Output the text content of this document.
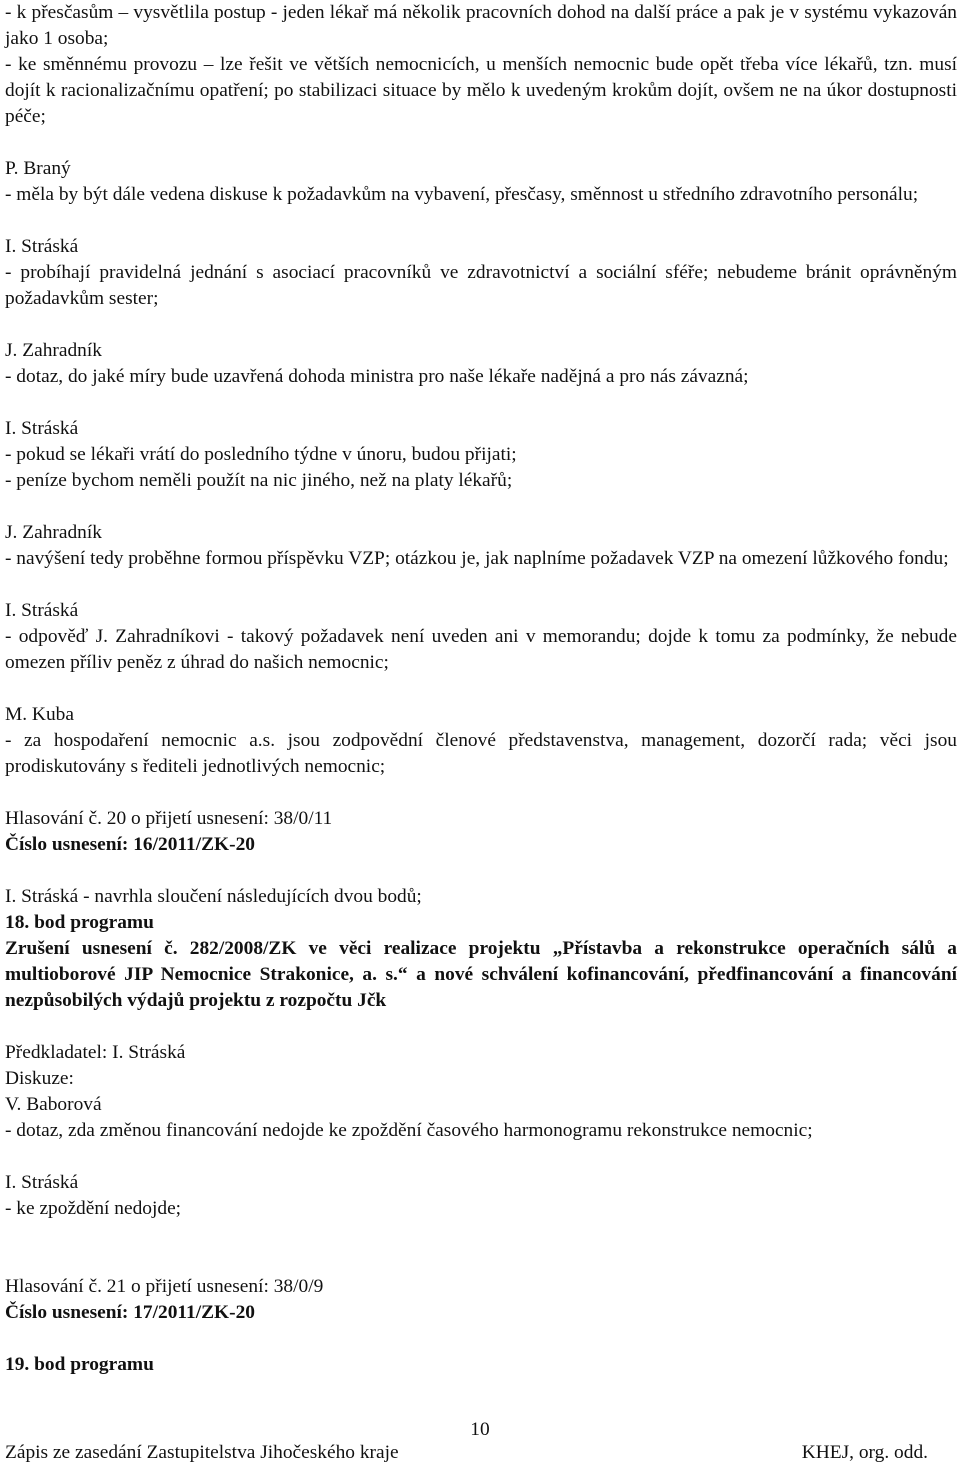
- k přesčasům – vysvětlila postup - jeden lékař má několik pracovních dohod na další práce a pak je v systému vykazován jako 1 osoba;

- ke směnnému provozu – lze řešit ve větších nemocnicích, u menších nemocnic bude opět třeba více lékařů, tzn. musí dojít k racionalizačnímu opatření; po stabilizaci situace by mělo k uvedeným krokům dojít, ovšem ne na úkor dostupnosti péče;

P. Braný

- měla by být dále vedena diskuse k požadavkům na vybavení, přesčasy, směnnost u středního zdravotního personálu;

I. Stráská

- probíhají pravidelná jednání s asociací pracovníků ve zdravotnictví a sociální sféře; nebudeme bránit oprávněným požadavkům sester;

J. Zahradník

- dotaz, do jaké míry bude uzavřená dohoda ministra pro naše lékaře nadějná a pro nás závazná;

I. Stráská

- pokud se lékaři vrátí do posledního týdne v únoru, budou přijati;

- peníze bychom neměli použít na nic jiného, než na platy lékařů;

J. Zahradník

- navýšení tedy proběhne formou příspěvku VZP; otázkou je, jak naplníme požadavek VZP na omezení lůžkového fondu;

I. Stráská

- odpověď J. Zahradníkovi - takový požadavek není uveden ani v memorandu; dojde k tomu za podmínky, že nebude omezen příliv peněz z úhrad do našich nemocnic;

M. Kuba

- za hospodaření nemocnic a.s. jsou zodpovědní členové představenstva, management, dozorčí rada; věci jsou prodiskutovány s řediteli jednotlivých nemocnic;

Hlasování č. 20 o přijetí usnesení: 38/0/11

Číslo usnesení: 16/2011/ZK-20

I. Stráská - navrhla sloučení následujících dvou bodů;

18. bod programu

Zrušení usnesení č. 282/2008/ZK ve věci realizace projektu „Přístavba a rekonstrukce operačních sálů a multioborové JIP Nemocnice Strakonice, a. s.“ a nové schválení kofinancování, předfinancování a financování nezpůsobilých výdajů projektu z rozpočtu Jčk

Předkladatel: I. Stráská

Diskuze:

V. Baborová

- dotaz, zda změnou financování nedojde ke zpoždění časového harmonogramu rekonstrukce nemocnic;

I. Stráská

- ke zpoždění nedojde;

Hlasování č. 21 o přijetí usnesení: 38/0/9

Číslo usnesení: 17/2011/ZK-20

19. bod programu

10
Zápis ze zasedání Zastupitelstva Jihočeského kraje	KHEJ, org. odd.
